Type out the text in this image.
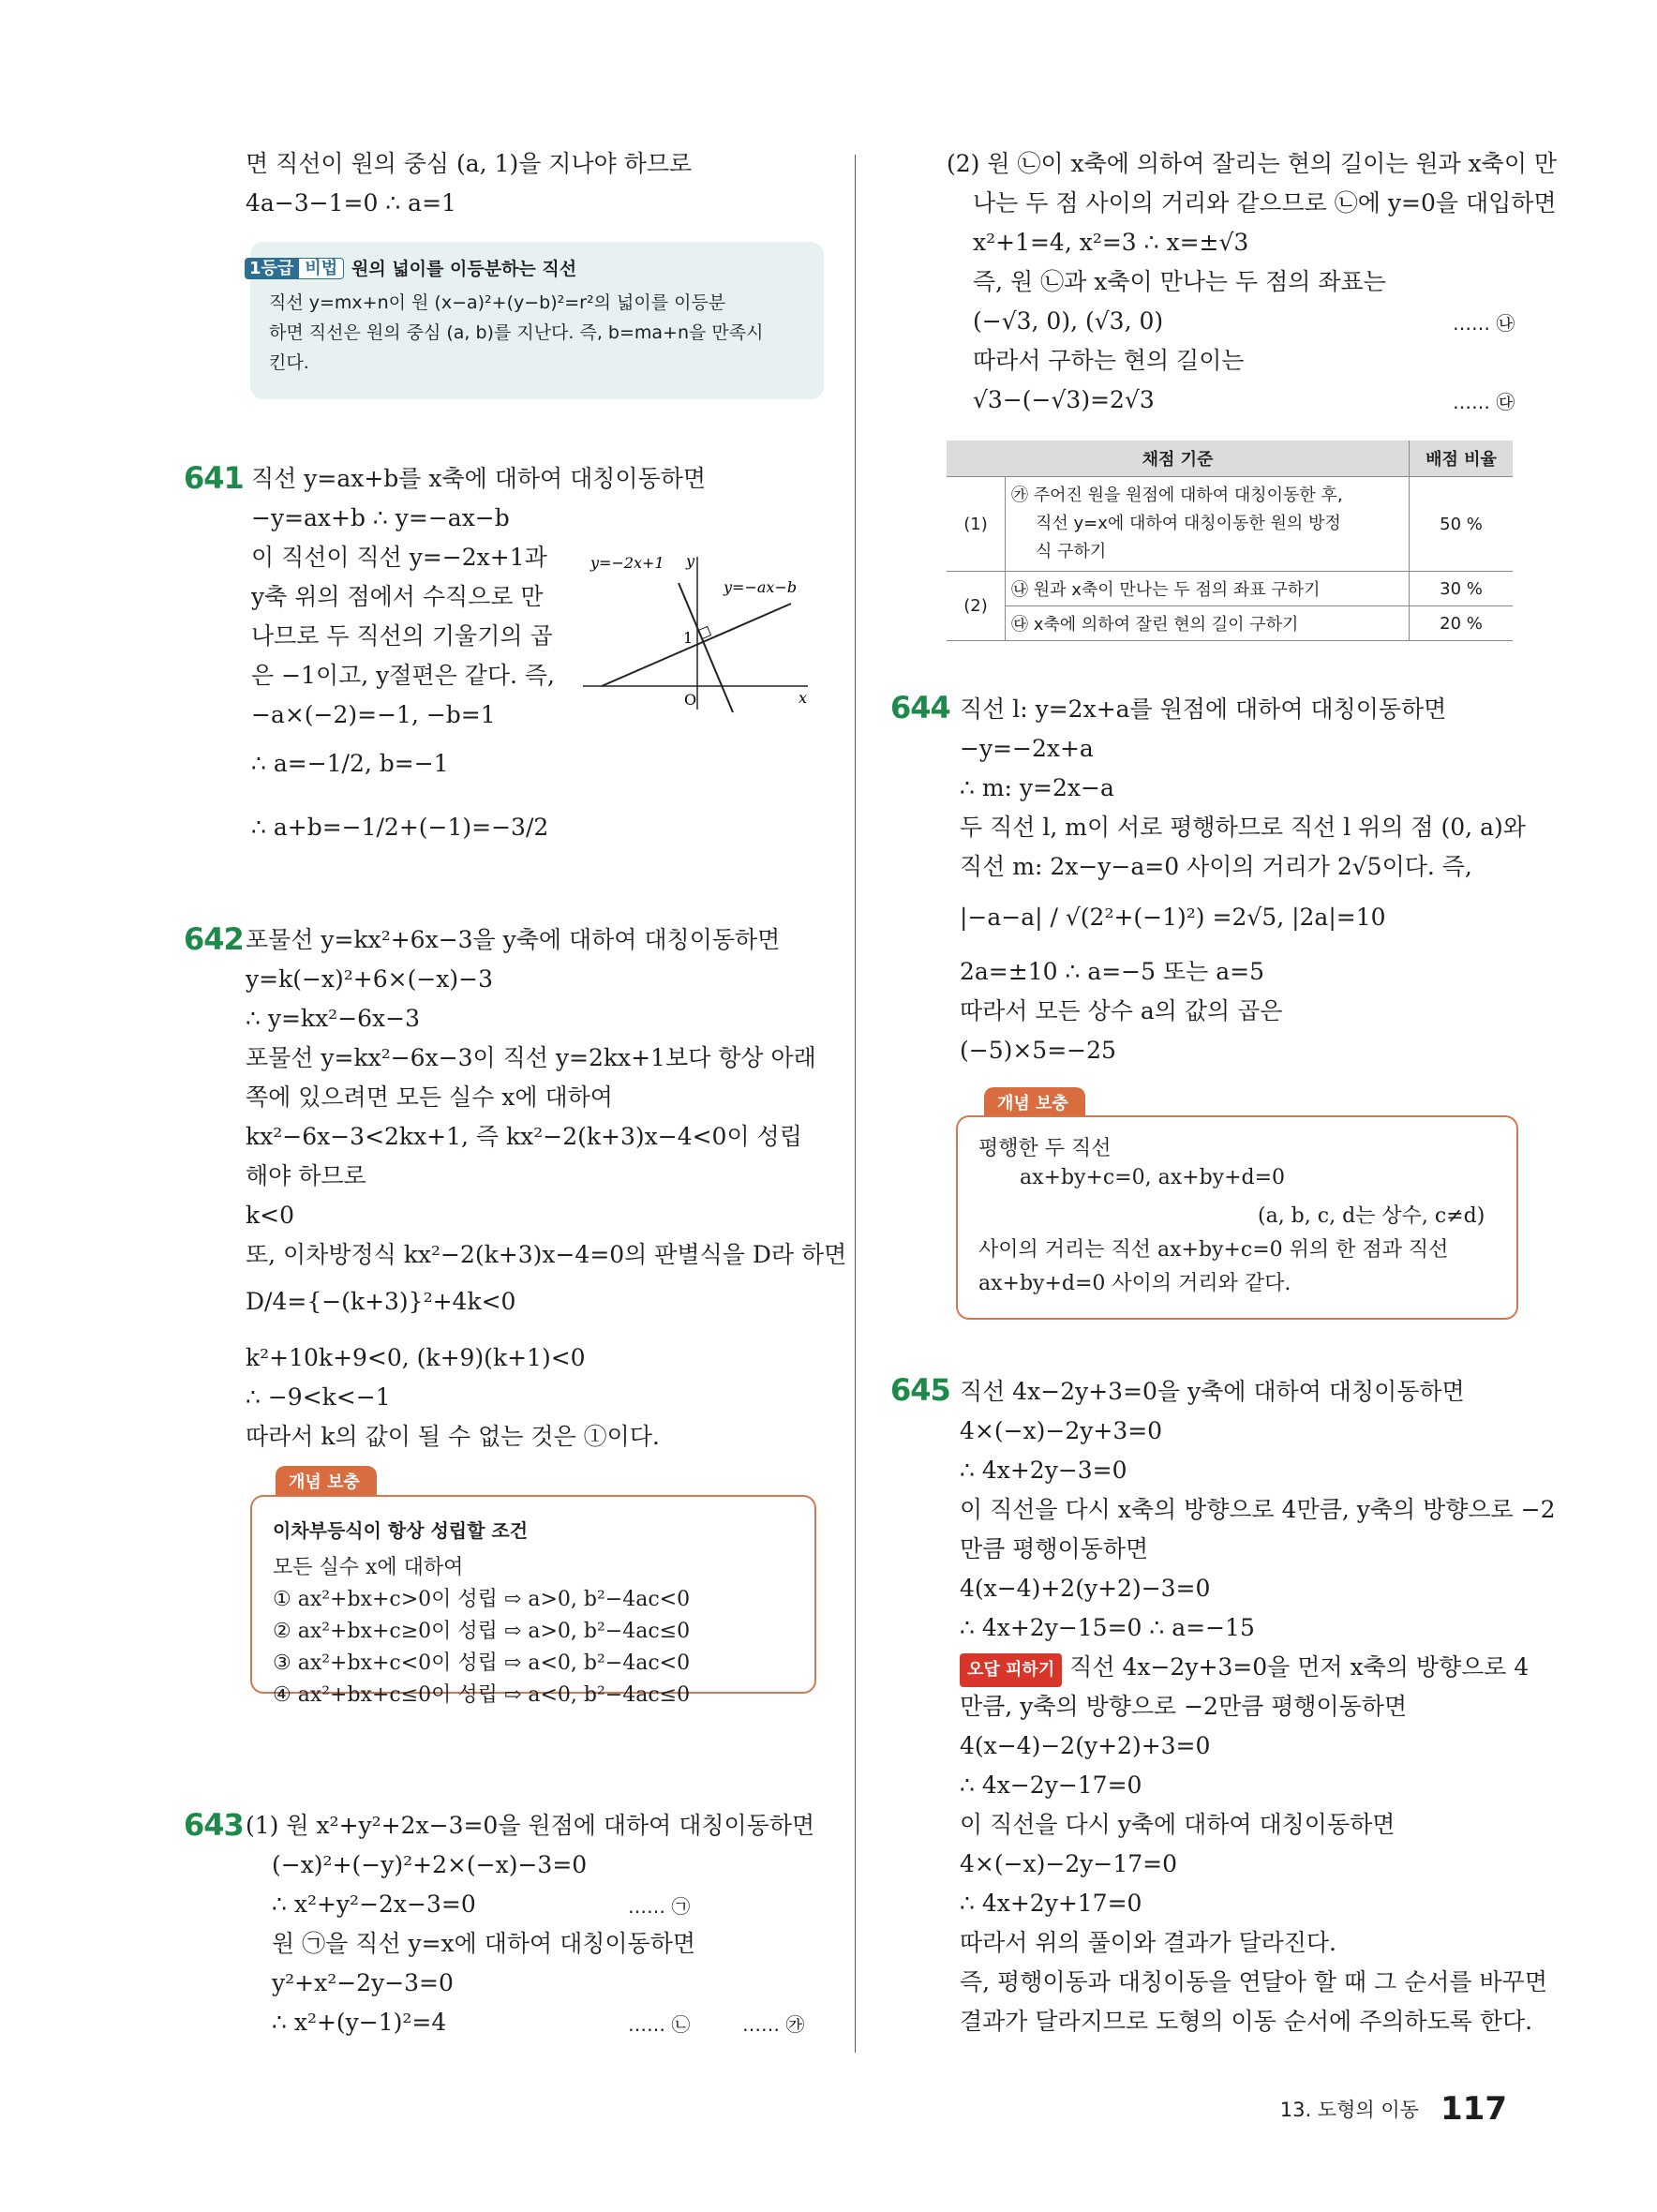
면 직선이 원의 중심 (a, 1)을 지나야 하므로
4a−3−1=0 ∴ a=1
1등급 비법 원의 넓이를 이등분하는 직선
직선 y=mx+n이 원 (x−a)²+(y−b)²=r²의 넓이를 이등분
하면 직선은 원의 중심 (a, b)를 지난다. 즉, b=ma+n을 만족시
킨다.
641 직선 y=ax+b를 x축에 대하여 대칭이동하면
−y=ax+b ∴ y=−ax−b
이 직선이 직선 y=−2x+1과
y축 위의 점에서 수직으로 만
나므로 두 직선의 기울기의 곱
은 −1이고, y절편은 같다. 즉,
−a×(−2)=−1, −b=1
∴ a=−1/2, b=−1
∴ a+b=−1/2+(−1)=−3/2
y=−2x+1 y
y=−ax−b
x
O
1
642 포물선 y=kx²+6x−3을 y축에 대하여 대칭이동하면
y=k(−x)²+6×(−x)−3
∴ y=kx²−6x−3
포물선 y=kx²−6x−3이 직선 y=2kx+1보다 항상 아래
쪽에 있으려면 모든 실수 x에 대하여
kx²−6x−3<2kx+1, 즉 kx²−2(k+3)x−4<0이 성립
해야 하므로
k<0
또, 이차방정식 kx²−2(k+3)x−4=0의 판별식을 D라 하면
D/4={−(k+3)}²+4k<0
k²+10k+9<0, (k+9)(k+1)<0
∴ −9<k<−1
따라서 k의 값이 될 수 없는 것은 ①이다.
개념 보충
이차부등식이 항상 성립할 조건
모든 실수 x에 대하여
① ax²+bx+c>0이 성립 ⇨ a>0, b²−4ac<0
② ax²+bx+c≥0이 성립 ⇨ a>0, b²−4ac≤0
③ ax²+bx+c<0이 성립 ⇨ a<0, b²−4ac<0
④ ax²+bx+c≤0이 성립 ⇨ a<0, b²−4ac≤0
643 (1) 원 x²+y²+2x−3=0을 원점에 대하여 대칭이동하면
(−x)²+(−y)²+2×(−x)−3=0
∴ x²+y²−2x−3=0	…… ㉠
원 ㉠을 직선 y=x에 대하여 대칭이동하면
y²+x²−2y−3=0
∴ x²+(y−1)²=4	…… ㉡	…… ㉮
(2) 원 ㉡이 x축에 의하여 잘리는 현의 길이는 원과 x축이 만
나는 두 점 사이의 거리와 같으므로 ㉡에 y=0을 대입하면
x²+1=4, x²=3 ∴ x=±√3
즉, 원 ㉡과 x축이 만나는 두 점의 좌표는
(−√3, 0), (√3, 0)	…… ㉯
따라서 구하는 현의 길이는
√3−(−√3)=2√3	…… ㉰
채점 기준		배점 비율
(1)	㉮ 주어진 원을 원점에 대하여 대칭이동한 후,
직선 y=x에 대하여 대칭이동한 원의 방정
식 구하기	50 %
(2)	㉯ 원과 x축이 만나는 두 점의 좌표 구하기	30 %
	㉰ x축에 의하여 잘린 현의 길이 구하기	20 %
644 직선 l: y=2x+a를 원점에 대하여 대칭이동하면
−y=−2x+a
∴ m: y=2x−a
두 직선 l, m이 서로 평행하므로 직선 l 위의 점 (0, a)와
직선 m: 2x−y−a=0 사이의 거리가 2√5이다. 즉,
|−a−a| / √(2²+(−1)²) =2√5, |2a|=10
2a=±10 ∴ a=−5 또는 a=5
따라서 모든 상수 a의 값의 곱은
(−5)×5=−25
개념 보충
평행한 두 직선
ax+by+c=0, ax+by+d=0
(a, b, c, d는 상수, c≠d)
사이의 거리는 직선 ax+by+c=0 위의 한 점과 직선
ax+by+d=0 사이의 거리와 같다.
645 직선 4x−2y+3=0을 y축에 대하여 대칭이동하면
4×(−x)−2y+3=0
∴ 4x+2y−3=0
이 직선을 다시 x축의 방향으로 4만큼, y축의 방향으로 −2
만큼 평행이동하면
4(x−4)+2(y+2)−3=0
∴ 4x+2y−15=0 ∴ a=−15
오답 피하기 직선 4x−2y+3=0을 먼저 x축의 방향으로 4
만큼, y축의 방향으로 −2만큼 평행이동하면
4(x−4)−2(y+2)+3=0
∴ 4x−2y−17=0
이 직선을 다시 y축에 대하여 대칭이동하면
4×(−x)−2y−17=0
∴ 4x+2y+17=0
따라서 위의 풀이와 결과가 달라진다.
즉, 평행이동과 대칭이동을 연달아 할 때 그 순서를 바꾸면
결과가 달라지므로 도형의 이동 순서에 주의하도록 한다.
13. 도형의 이동 117
